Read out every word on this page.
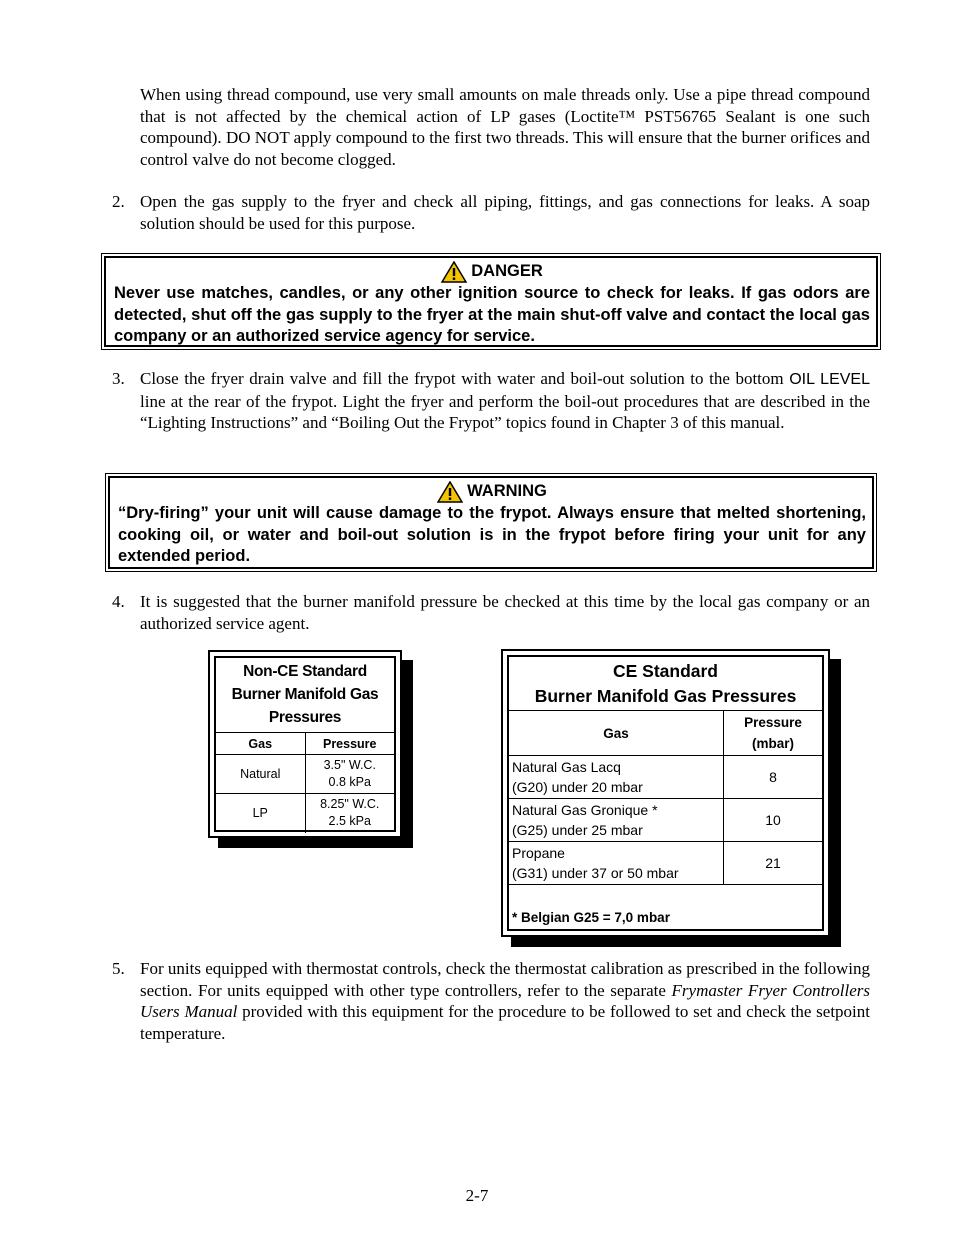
When using thread compound, use very small amounts on male threads only. Use a pipe thread compound that is not affected by the chemical action of LP gases (Loctite™ PST56765 Sealant is one such compound). DO NOT apply compound to the first two threads. This will ensure that the burner orifices and control valve do not become clogged.
2. Open the gas supply to the fryer and check all piping, fittings, and gas connections for leaks. A soap solution should be used for this purpose.
DANGER
Never use matches, candles, or any other ignition source to check for leaks. If gas odors are detected, shut off the gas supply to the fryer at the main shut-off valve and contact the local gas company or an authorized service agency for service.
3. Close the fryer drain valve and fill the frypot with water and boil-out solution to the bottom OIL LEVEL line at the rear of the frypot. Light the fryer and perform the boil-out procedures that are described in the “Lighting Instructions” and “Boiling Out the Frypot” topics found in Chapter 3 of this manual.
WARNING
“Dry-firing” your unit will cause damage to the frypot. Always ensure that melted shortening, cooking oil, or water and boil-out solution is in the frypot before firing your unit for any extended period.
4. It is suggested that the burner manifold pressure be checked at this time by the local gas company or an authorized service agent.
Non-CE Standard Burner Manifold Gas Pressures
Gas	Pressure
Natural	3.5" W.C.
0.8 kPa

LP	8.25" W.C.
2.5 kPa
CE Standard
Burner Manifold Gas Pressures
Gas	Pressure
(mbar)

Natural Gas Lacq
(G20) under 20 mbar	8

Natural Gas Gronique *
(G25) under 25 mbar	10

Propane
(G31) under 37 or 50 mbar	21
* Belgian G25 = 7,0 mbar
5. For units equipped with thermostat controls, check the thermostat calibration as prescribed in the following section. For units equipped with other type controllers, refer to the separate Frymaster Fryer Controllers Users Manual provided with this equipment for the procedure to be followed to set and check the setpoint temperature.
2-7
